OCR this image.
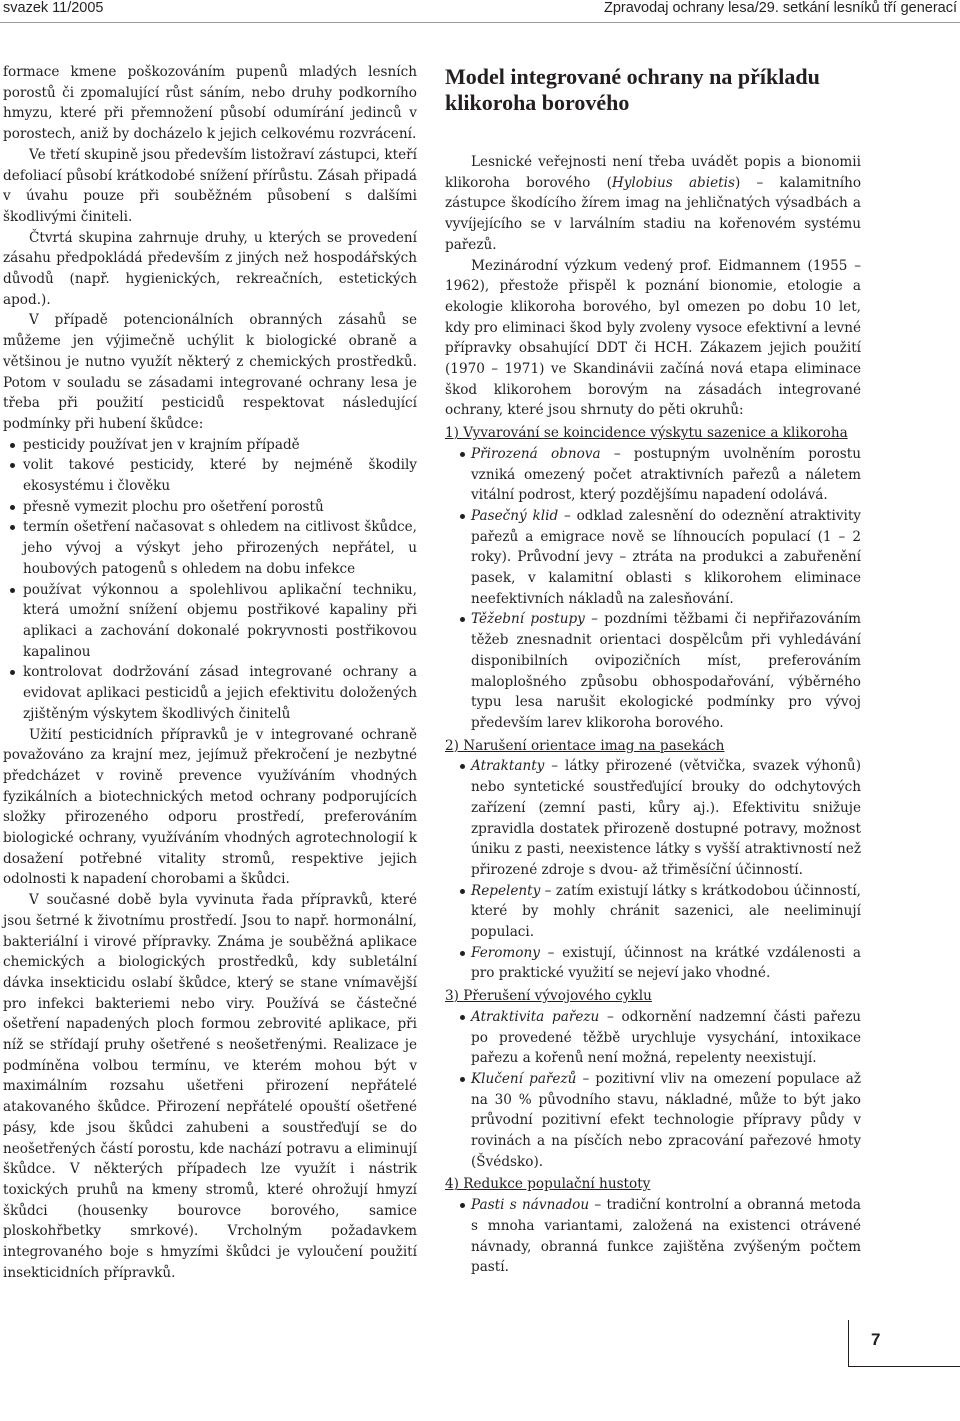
svazek 11/2005	Zpravodaj ochrany lesa/29. setkání lesníků tří generací

formace kmene poškozováním pupenů mladých lesních porostů či zpomalující růst sáním, nebo druhy podkorního hmyzu, které při přemnožení působí odumírání jedinců v porostech, aniž by docházelo k jejich celkovému rozvrácení.

Ve třetí skupině jsou především listožraví zástupci, kteří defoliací působí krátkodobé snížení přírůstu. Zásah připadá v úvahu pouze při souběžném působení s dalšími škodlivými činiteli.

Čtvrtá skupina zahrnuje druhy, u kterých se provedení zásahu předpokládá především z jiných než hospodářských důvodů (např. hygienických, rekreačních, estetických apod.).

V případě potencionálních obranných zásahů se můžeme jen výjimečně uchýlit k biologické obraně a většinou je nutno využít některý z chemických prostředků. Potom v souladu se zásadami integrované ochrany lesa je třeba při použití pesticidů respektovat následující podmínky při hubení škůdce:

pesticidy používat jen v krajním případě
volit takové pesticidy, které by nejméně škodily ekosystému i člověku
přesně vymezit plochu pro ošetření porostů
termín ošetření načasovat s ohledem na citlivost škůdce, jeho vývoj a výskyt jeho přirozených nepřátel, u houbových patogenů s ohledem na dobu infekce
používat výkonnou a spolehlivou aplikační techniku, která umožní snížení objemu postřikové kapaliny při aplikaci a zachování dokonalé pokryvnosti postřikovou kapalinou
kontrolovat dodržování zásad integrované ochrany a evidovat aplikaci pesticidů a jejich efektivitu doložených zjištěným výskytem škodlivých činitelů

Užití pesticidních přípravků je v integrované ochraně považováno za krajní mez, jejímuž překročení je nezbytné předcházet v rovině prevence využíváním vhodných fyzikálních a biotechnických metod ochrany podporujících složky přirozeného odporu prostředí, preferováním biologické ochrany, využíváním vhodných agrotechnologií k dosažení potřebné vitality stromů, respektive jejich odolnosti k napadení chorobami a škůdci.

V současné době byla vyvinuta řada přípravků, které jsou šetrné k životnímu prostředí. Jsou to např. hormonální, bakteriální i virové přípravky. Známa je souběžná aplikace chemických a biologických prostředků, kdy subletální dávka insekticidu oslabí škůdce, který se stane vnímavější pro infekci bakteriemi nebo viry. Používá se částečné ošetření napadených ploch formou zebrovité aplikace, při níž se střídají pruhy ošetřené s neošetřenými. Realizace je podmíněna volbou termínu, ve kterém mohou být v maximálním rozsahu ušetřeni přirození nepřátelé atakovaného škůdce. Přirození nepřátelé opouští ošetřené pásy, kde jsou škůdci zahubeni a soustřeďují se do neošetřených částí porostu, kde nachází potravu a eliminují škůdce. V některých případech lze využít i nástrik toxických pruhů na kmeny stromů, které ohrožují hmyzí škůdci (housenky bourovce borového, samice ploskohřbetky smrkové). Vrcholným požadavkem integrovaného boje s hmyzími škůdci je vyloučení použití insekticidních přípravků.

Model integrované ochrany na příkladu klikoroha borového

Lesnické veřejnosti není třeba uvádět popis a bionomii klikoroha borového (Hylobius abietis) – kalamitního zástupce škodícího žírem imag na jehličnatých výsadbách a vyvíjejícího se v larválním stadiu na kořenovém systému pařezů.

Mezinárodní výzkum vedený prof. Eidmannem (1955 – 1962), přestože přispěl k poznání bionomie, etologie a ekologie klikoroha borového, byl omezen po dobu 10 let, kdy pro eliminaci škod byly zvoleny vysoce efektivní a levné přípravky obsahující DDT či HCH. Zákazem jejich použití (1970 – 1971) ve Skandinávii začíná nová etapa eliminace škod klikorohem borovým na zásadách integrované ochrany, které jsou shrnuty do pěti okruhů:

1) Vyvarování se koincidence výskytu sazenice a klikoroha
Přirozená obnova – postupným uvolněním porostu vzniká omezený počet atraktivních pařezů a náletem vitální podrost, který pozdějšímu napadení odolává.
Pasečný klid – odklad zalesnění do odeznění atraktivity pařezů a emigrace nově se líhnoucích populací (1 – 2 roky). Průvodní jevy – ztráta na produkci a zabuřenění pasek, v kalamitní oblasti s klikorohem eliminace neefektivních nákladů na zalesňování.
Těžební postupy – pozdními těžbami či nepřiřazováním těžeb znesnadnit orientaci dospělcům při vyhledávání disponibilních ovipozičních míst, preferováním maloplošného způsobu obhospodařování, výběrného typu lesa narušit ekologické podmínky pro vývoj především larev klikoroha borového.
2) Narušení orientace imag na pasekách
Atraktanty – látky přirozené (větvička, svazek výhonů) nebo syntetické soustřeďující brouky do odchytových zařízení (zemní pasti, kůry aj.). Efektivitu snižuje zpravidla dostatek přirozeně dostupné potravy, možnost úniku z pasti, neexistence látky s vyšší atraktivností než přirozené zdroje s dvou- až třiměsíční účinností.
Repelenty – zatím existují látky s krátkodobou účinností, které by mohly chránit sazenici, ale neeliminují populaci.
Feromony – existují, účinnost na krátké vzdálenosti a pro praktické využití se nejeví jako vhodné.
3) Přerušení vývojového cyklu
Atraktivita pařezu – odkornění nadzemní části pařezu po provedené těžbě urychluje vysychání, intoxikace pařezu a kořenů není možná, repelenty neexistují.
Klučení pařezů – pozitivní vliv na omezení populace až na 30 % původního stavu, nákladné, může to být jako průvodní pozitivní efekt technologie přípravy půdy v rovinách a na písčích nebo zpracování pařezové hmoty (Švédsko).
4) Redukce populační hustoty
Pasti s návnadou – tradiční kontrolní a obranná metoda s mnoha variantami, založená na existenci otrávené návnady, obranná funkce zajištěna zvýšeným počtem pastí.
7
